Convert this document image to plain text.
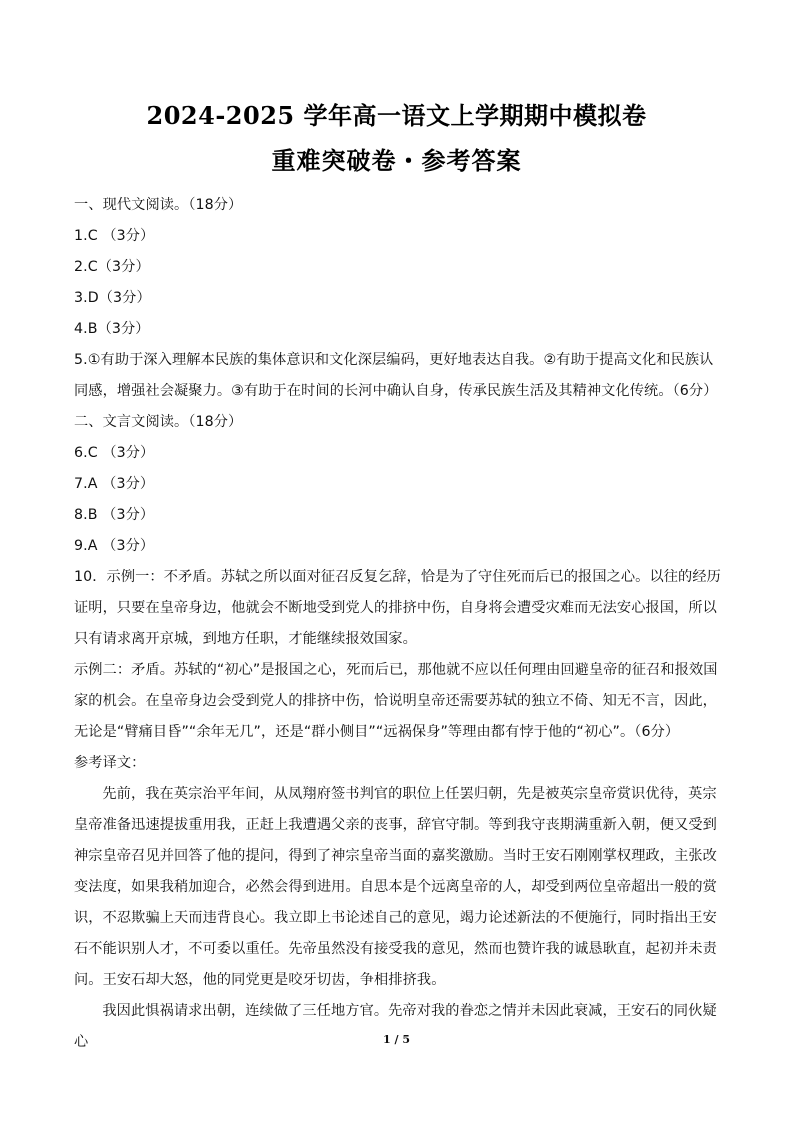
2024-2025 学年高一语文上学期期中模拟卷
重难突破卷・参考答案

一、现代文阅读。（18分）

1.C （3分）

2.C（3分）

3.D（3分）

4.B（3分）

5.①有助于深入理解本民族的集体意识和文化深层编码，更好地表达自我。②有助于提高文化和民族认同感，增强社会凝聚力。③有助于在时间的长河中确认自身，传承民族生活及其精神文化传统。（6分）

二、文言文阅读。（18分）

6.C （3分）

7.A （3分）

8.B （3分）

9.A （3分）

10．示例一：不矛盾。苏轼之所以面对征召反复乞辞，恰是为了守住死而后已的报国之心。以往的经历证明，只要在皇帝身边，他就会不断地受到党人的排挤中伤，自身将会遭受灾难而无法安心报国，所以只有请求离开京城，到地方任职，才能继续报效国家。

示例二：矛盾。苏轼的“初心”是报国之心，死而后已，那他就不应以任何理由回避皇帝的征召和报效国家的机会。在皇帝身边会受到党人的排挤中伤，恰说明皇帝还需要苏轼的独立不倚、知无不言，因此，无论是“臂痛目昏”“余年无几”，还是“群小侧目”“远祸保身”等理由都有悖于他的“初心”。（6分）

参考译文：

先前，我在英宗治平年间，从凤翔府签书判官的职位上任罢归朝，先是被英宗皇帝赏识优待，英宗皇帝准备迅速提拔重用我，正赶上我遭遇父亲的丧事，辞官守制。等到我守丧期满重新入朝，便又受到神宗皇帝召见并回答了他的提问，得到了神宗皇帝当面的嘉奖激励。当时王安石刚刚掌权理政，主张改变法度，如果我稍加迎合，必然会得到进用。自思本是个远离皇帝的人，却受到两位皇帝超出一般的赏识，不忍欺骗上天而违背良心。我立即上书论述自己的意见，竭力论述新法的不便施行，同时指出王安石不能识别人才，不可委以重任。先帝虽然没有接受我的意见，然而也赞许我的诚恳耿直，起初并未责问。王安石却大怒，他的同党更是咬牙切齿，争相排挤我。

我因此惧祸请求出朝，连续做了三任地方官。先帝对我的眷恋之情并未因此衰减，王安石的同伙疑心	1 / 5
